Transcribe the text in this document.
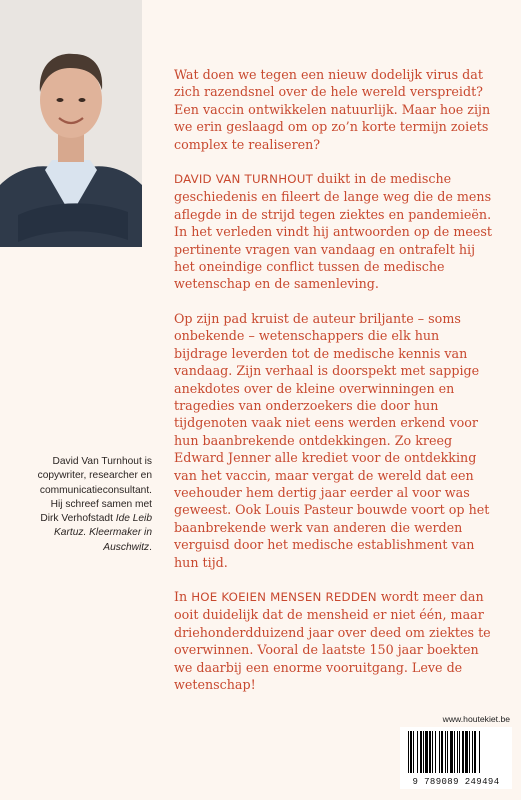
David Van Turnhout is
copywriter, researcher en
communicatieconsultant.
Hij schreef samen met
Dirk Verhofstadt Ide Leib
Kartuz. Kleermaker in
Auschwitz.

Wat doen we tegen een nieuw dodelijk virus dat zich razendsnel over de hele wereld verspreidt? Een vaccin ontwikkelen natuurlijk. Maar hoe zijn we erin geslaagd om op zo’n korte termijn zoiets complex te realiseren?

DAVID VAN TURNHOUT duikt in de medische geschiedenis en fileert de lange weg die de mens aflegde in de strijd tegen ziektes en pandemieën. In het verleden vindt hij antwoorden op de meest pertinente vragen van vandaag en ontrafelt hij het oneindige conflict tussen de medische wetenschap en de samenleving.

Op zijn pad kruist de auteur briljante – soms onbekende – wetenschappers die elk hun bijdrage leverden tot de medische kennis van vandaag. Zijn verhaal is doorspekt met sappige anekdotes over de kleine overwinningen en tragedies van onderzoekers die door hun tijdgenoten vaak niet eens werden erkend voor hun baanbrekende ontdekkingen. Zo kreeg Edward Jenner alle krediet voor de ontdekking van het vaccin, maar vergat de wereld dat een veehouder hem dertig jaar eerder al voor was geweest. Ook Louis Pasteur bouwde voort op het baanbrekende werk van anderen die werden verguisd door het medische establishment van hun tijd.

In HOE KOEIEN MENSEN REDDEN wordt meer dan ooit duidelijk dat de mensheid er niet één, maar driehonderdduizend jaar over deed om ziektes te overwinnen. Vooral de laatste 150 jaar boekten we daarbij een enorme vooruitgang. Leve de wetenschap!

www.houtekiet.be
9 789089 249494
